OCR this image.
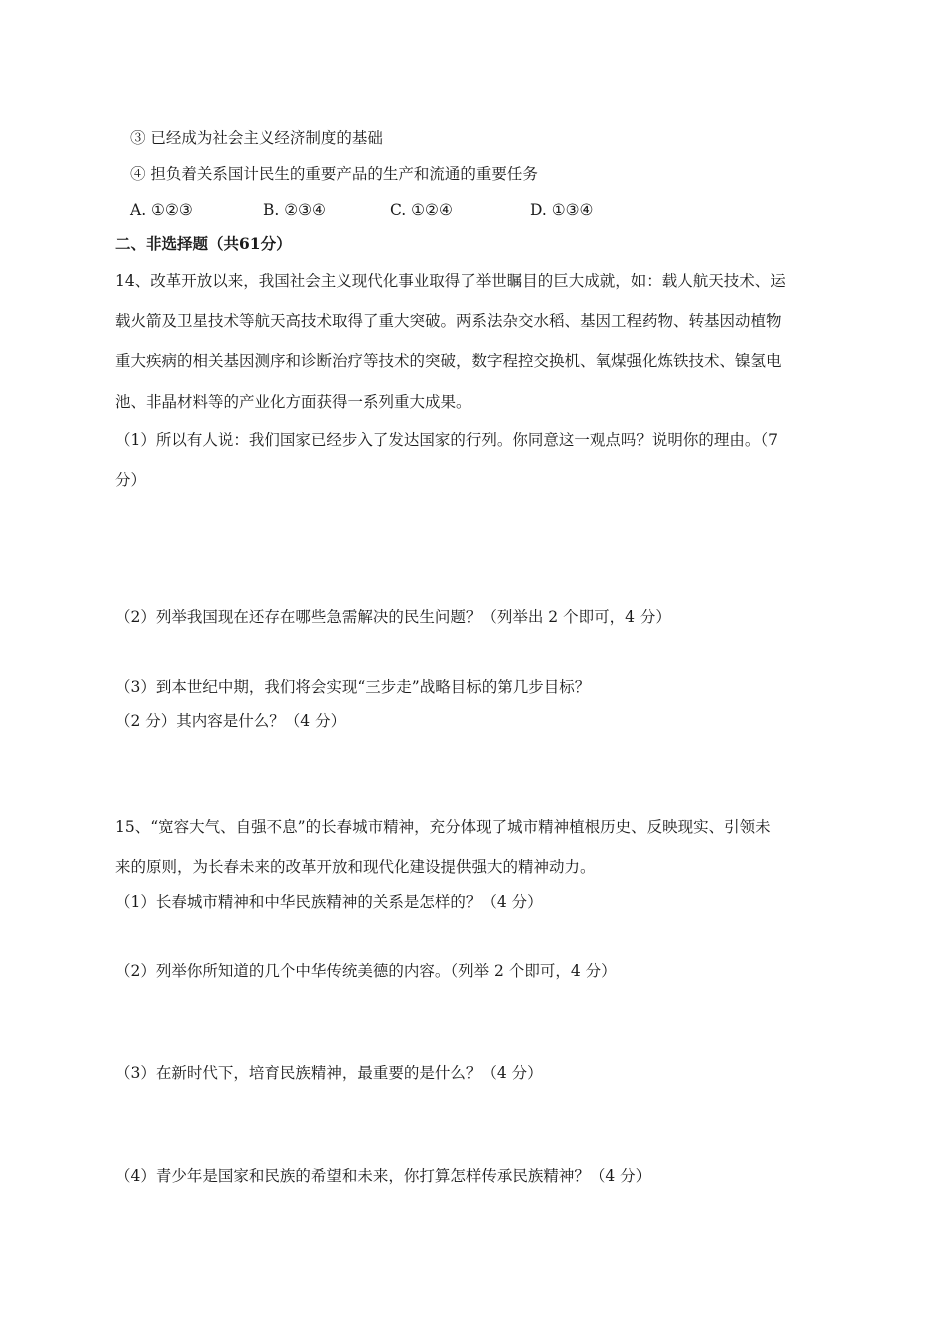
③ 已经成为社会主义经济制度的基础
④ 担负着关系国计民生的重要产品的生产和流通的重要任务
A. ①②③	B. ②③④	C. ①②④	D. ①③④
二、非选择题（共61分）
14、改革开放以来，我国社会主义现代化事业取得了举世瞩目的巨大成就，如：载人航天技术、运
载火箭及卫星技术等航天高技术取得了重大突破。两系法杂交水稻、基因工程药物、转基因动植物
重大疾病的相关基因测序和诊断治疗等技术的突破，数字程控交换机、氧煤强化炼铁技术、镍氢电
池、非晶材料等的产业化方面获得一系列重大成果。
（1）所以有人说：我们国家已经步入了发达国家的行列。你同意这一观点吗？说明你的理由。（7
分）
（2）列举我国现在还存在哪些急需解决的民生问题？（列举出 2 个即可，4 分）
（3）到本世纪中期，我们将会实现“三步走”战略目标的第几步目标？
（2 分）其内容是什么？（4 分）
15、“宽容大气、自强不息”的长春城市精神，充分体现了城市精神植根历史、反映现实、引领未
来的原则，为长春未来的改革开放和现代化建设提供强大的精神动力。
（1）长春城市精神和中华民族精神的关系是怎样的？（4 分）
（2）列举你所知道的几个中华传统美德的内容。（列举 2 个即可，4 分）
（3）在新时代下，培育民族精神，最重要的是什么？（4 分）
（4）青少年是国家和民族的希望和未来，你打算怎样传承民族精神？（4 分）
